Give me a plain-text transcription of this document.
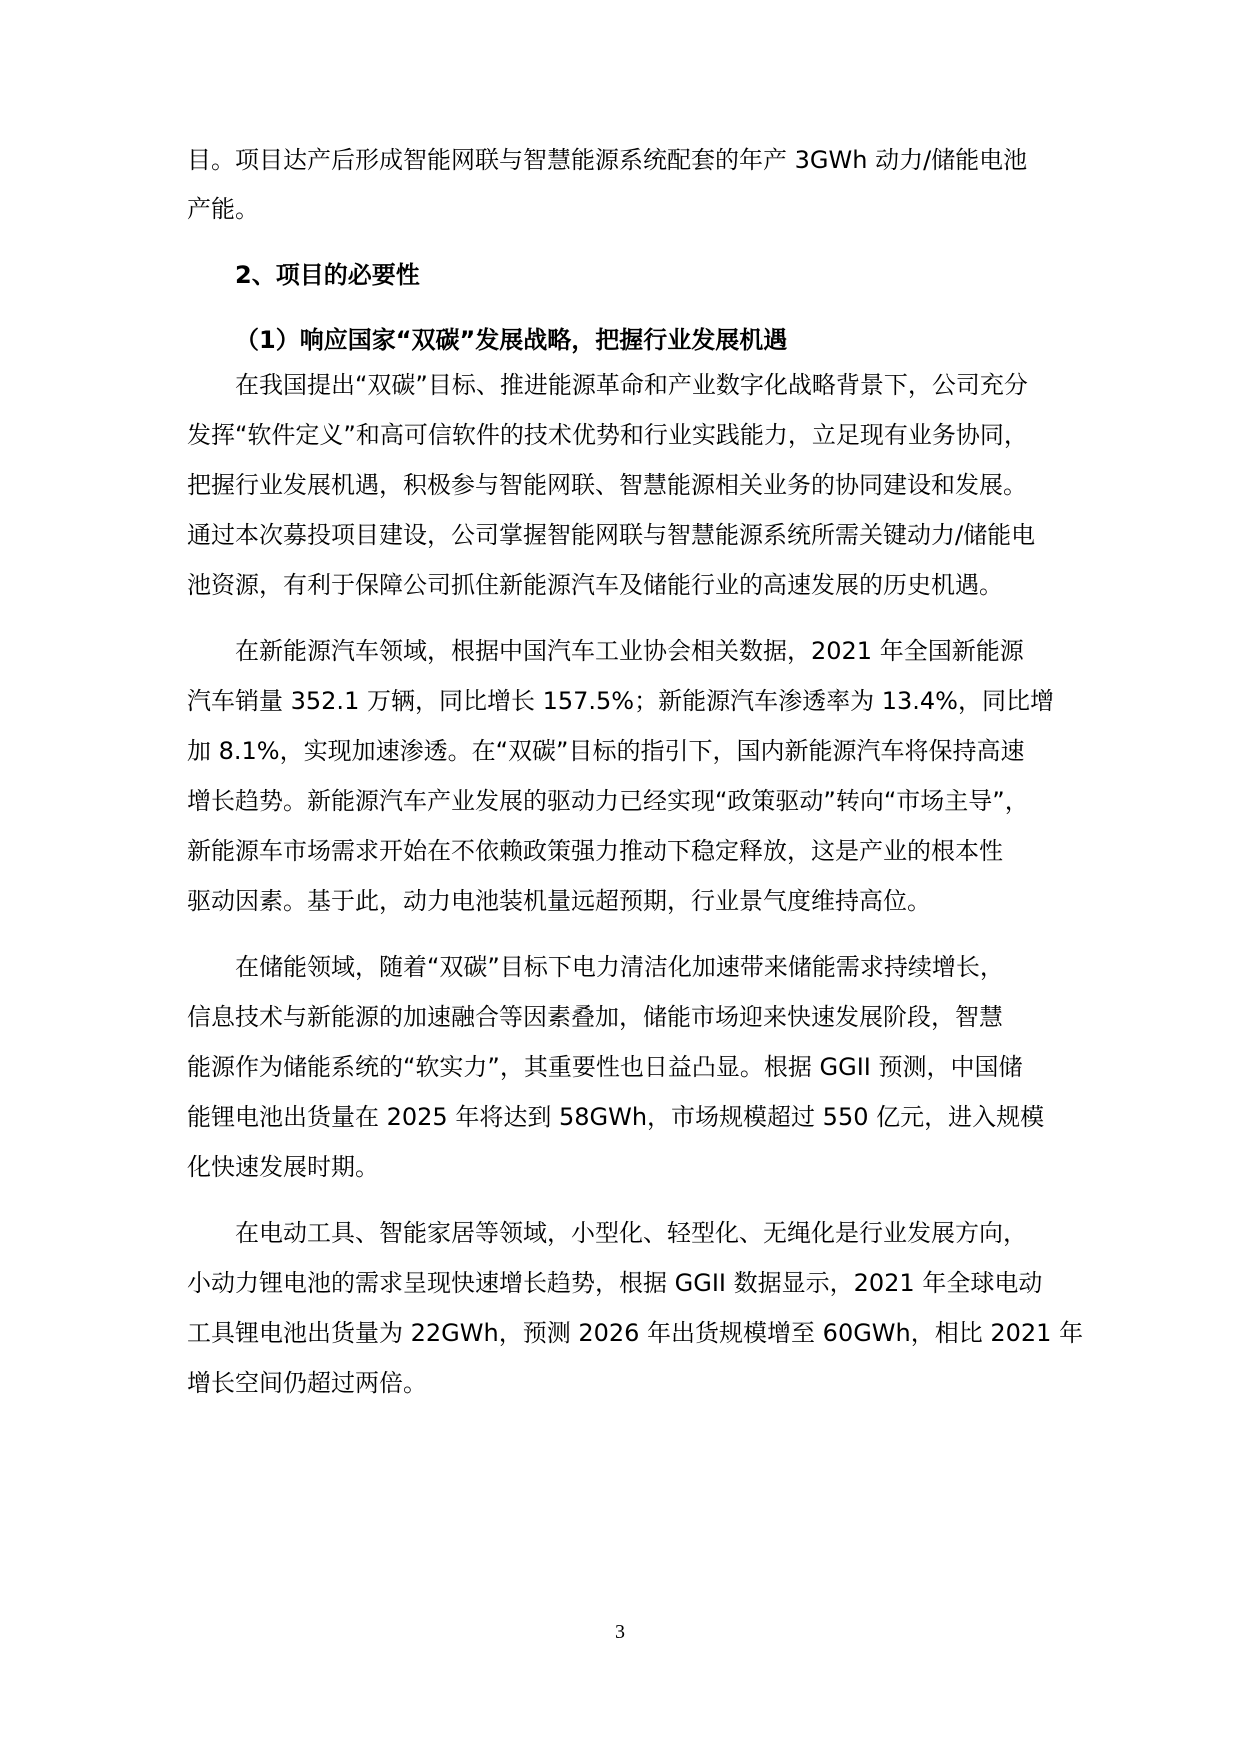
目。项目达产后形成智能网联与智慧能源系统配套的年产 3GWh 动力/储能电池
产能。
2、项目的必要性
（1）响应国家“双碳”发展战略，把握行业发展机遇
在我国提出“双碳”目标、推进能源革命和产业数字化战略背景下，公司充分
发挥“软件定义”和高可信软件的技术优势和行业实践能力，立足现有业务协同，
把握行业发展机遇，积极参与智能网联、智慧能源相关业务的协同建设和发展。
通过本次募投项目建设，公司掌握智能网联与智慧能源系统所需关键动力/储能电
池资源，有利于保障公司抓住新能源汽车及储能行业的高速发展的历史机遇。
在新能源汽车领域，根据中国汽车工业协会相关数据，2021 年全国新能源
汽车销量 352.1 万辆，同比增长 157.5%；新能源汽车渗透率为 13.4%，同比增
加 8.1%，实现加速渗透。在“双碳”目标的指引下，国内新能源汽车将保持高速
增长趋势。新能源汽车产业发展的驱动力已经实现“政策驱动”转向“市场主导”，
新能源车市场需求开始在不依赖政策强力推动下稳定释放，这是产业的根本性
驱动因素。基于此，动力电池装机量远超预期，行业景气度维持高位。
在储能领域，随着“双碳”目标下电力清洁化加速带来储能需求持续增长，
信息技术与新能源的加速融合等因素叠加，储能市场迎来快速发展阶段，智慧
能源作为储能系统的“软实力”，其重要性也日益凸显。根据 GGII 预测，中国储
能锂电池出货量在 2025 年将达到 58GWh，市场规模超过 550 亿元，进入规模
化快速发展时期。
在电动工具、智能家居等领域，小型化、轻型化、无绳化是行业发展方向，
小动力锂电池的需求呈现快速增长趋势，根据 GGII 数据显示，2021 年全球电动
工具锂电池出货量为 22GWh，预测 2026 年出货规模增至 60GWh，相比 2021 年
增长空间仍超过两倍。
3
